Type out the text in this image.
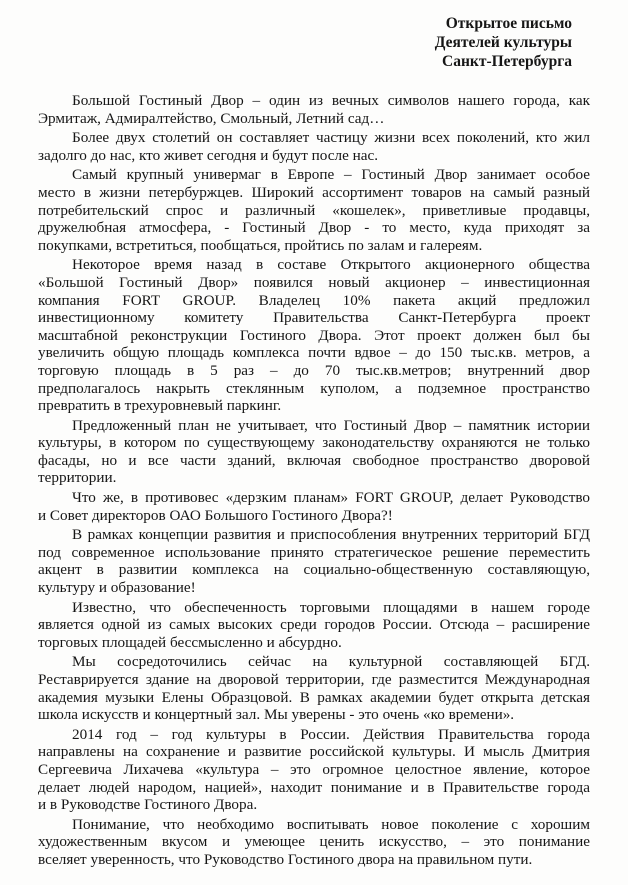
Открытое письмо
Деятелей культуры
Санкт-Петербурга
Большой Гостиный Двор – один из вечных символов нашего города, как
Эрмитаж, Адмиралтейство, Смольный, Летний сад…
Более двух столетий он составляет частицу жизни всех поколений, кто жил
задолго до нас, кто живет сегодня и будут после нас.
Самый крупный универмаг в Европе – Гостиный Двор занимает особое
место в жизни петербуржцев. Широкий ассортимент товаров на самый разный
потребительский спрос и различный «кошелек», приветливые продавцы,
дружелюбная атмосфера, - Гостиный Двор - то место, куда приходят за
покупками, встретиться, пообщаться, пройтись по залам и галереям.
Некоторое время назад в составе Открытого акционерного общества
«Большой Гостиный Двор» появился новый акционер – инвестиционная
компания FORT GROUP. Владелец 10% пакета акций предложил
инвестиционному комитету Правительства Санкт-Петербурга проект
масштабной реконструкции Гостиного Двора. Этот проект должен был бы
увеличить общую площадь комплекса почти вдвое – до 150 тыс.кв. метров, а
торговую площадь в 5 раз – до 70 тыс.кв.метров; внутренний двор
предполагалось накрыть стеклянным куполом, а подземное пространство
превратить в трехуровневый паркинг.
Предложенный план не учитывает, что Гостиный Двор – памятник истории
культуры, в котором по существующему законодательству охраняются не только
фасады, но и все части зданий, включая свободное пространство дворовой
территории.
Что же, в противовес «дерзким планам» FORT GROUP, делает Руководство
и Совет директоров ОАО Большого Гостиного Двора?!
В рамках концепции развития и приспособления внутренних территорий БГД
под современное использование принято стратегическое решение переместить
акцент в развитии комплекса на социально-общественную составляющую,
культуру и образование!
Известно, что обеспеченность торговыми площадями в нашем городе
является одной из самых высоких среди городов России. Отсюда – расширение
торговых площадей бессмысленно и абсурдно.
Мы сосредоточились сейчас на культурной составляющей БГД.
Реставрируется здание на дворовой территории, где разместится Международная
академия музыки Елены Образцовой. В рамках академии будет открыта детская
школа искусств и концертный зал. Мы уверены - это очень «ко времени».
2014 год – год культуры в России. Действия Правительства города
направлены на сохранение и развитие российской культуры. И мысль Дмитрия
Сергеевича Лихачева «культура – это огромное целостное явление, которое
делает людей народом, нацией», находит понимание и в Правительстве города
и в Руководстве Гостиного Двора.
Понимание, что необходимо воспитывать новое поколение с хорошим
художественным вкусом и умеющее ценить искусство, – это понимание
вселяет уверенность, что Руководство Гостиного двора на правильном пути.
